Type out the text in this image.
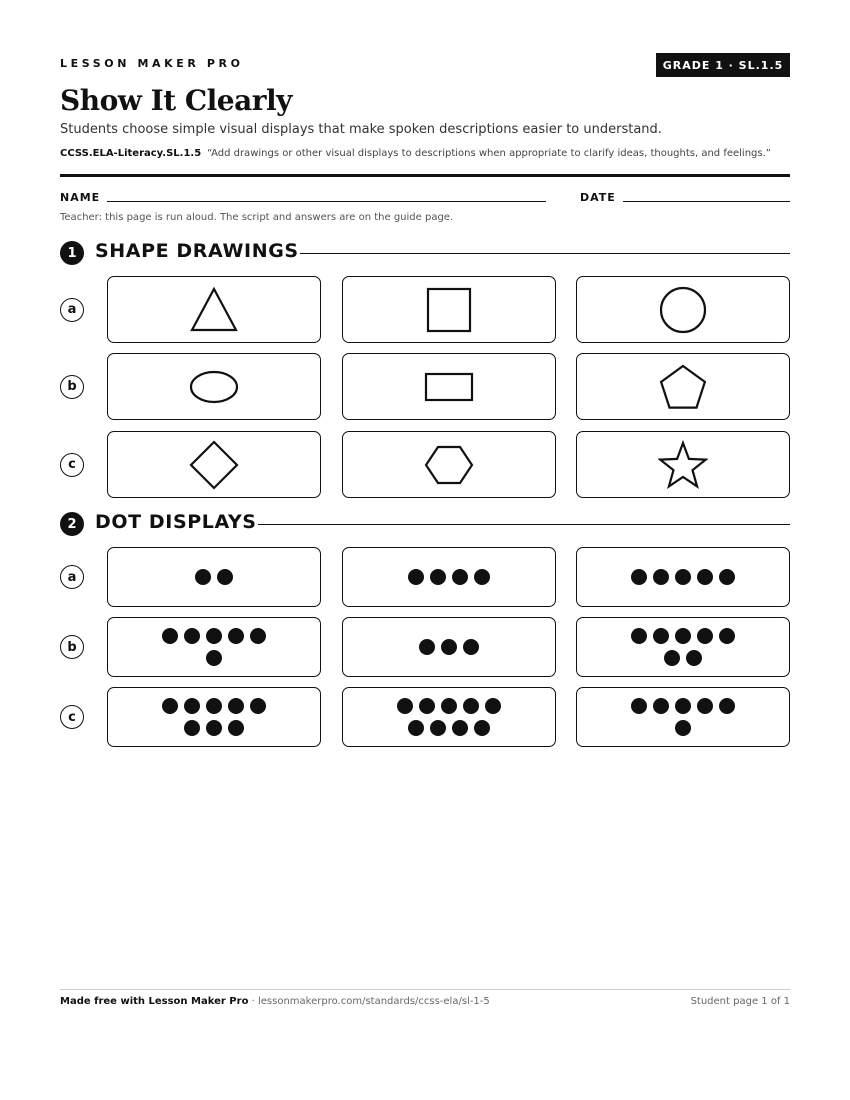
LESSON MAKER PRO	GRADE 1 · SL.1.5
Show It Clearly
Students choose simple visual displays that make spoken descriptions easier to understand.
CCSS.ELA-Literacy.SL.1.5 “Add drawings or other visual displays to descriptions when appropriate to clarify ideas, thoughts, and feelings.”
NAME	DATE
Teacher: this page is run aloud. The script and answers are on the guide page.
1 SHAPE DRAWINGS
a
b
c
2 DOT DISPLAYS
a
b
c
Made free with Lesson Maker Pro · lessonmakerpro.com/standards/ccss-ela/sl-1-5	Student page 1 of 1
